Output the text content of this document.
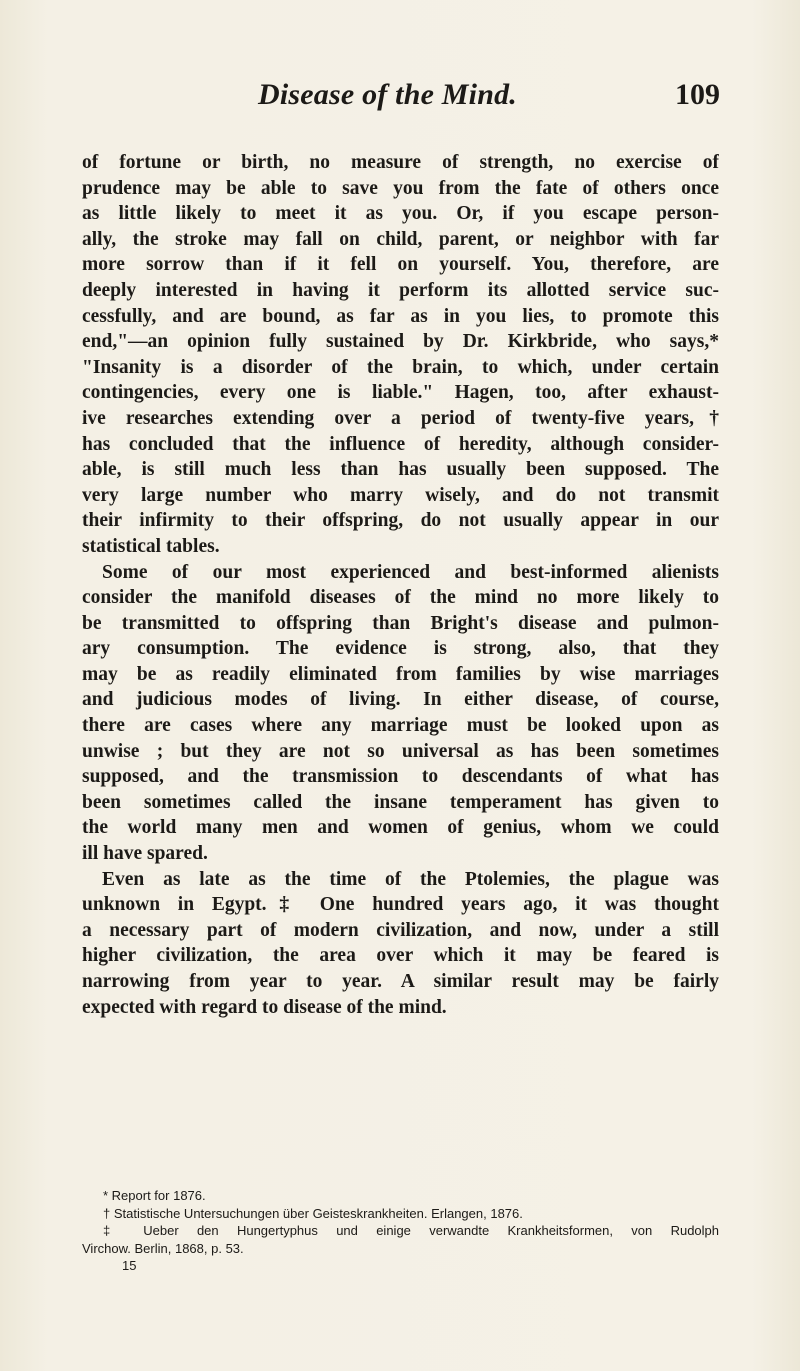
Disease of the Mind.	109
of fortune or birth, no measure of strength, no exercise of
prudence may be able to save you from the fate of others once
as little likely to meet it as you. Or, if you escape person-
ally, the stroke may fall on child, parent, or neighbor with far
more sorrow than if it fell on yourself. You, therefore, are
deeply interested in having it perform its allotted service suc-
cessfully, and are bound, as far as in you lies, to promote this
end,"—an opinion fully sustained by Dr. Kirkbride, who says,*
"Insanity is a disorder of the brain, to which, under certain
contingencies, every one is liable." Hagen, too, after exhaust-
ive researches extending over a period of twenty-five years,†
has concluded that the influence of heredity, although consider-
able, is still much less than has usually been supposed. The
very large number who marry wisely, and do not transmit
their infirmity to their offspring, do not usually appear in our
statistical tables.
Some of our most experienced and best-informed alienists
consider the manifold diseases of the mind no more likely to
be transmitted to offspring than Bright's disease and pulmon-
ary consumption. The evidence is strong, also, that they
may be as readily eliminated from families by wise marriages
and judicious modes of living. In either disease, of course,
there are cases where any marriage must be looked upon as
unwise ; but they are not so universal as has been sometimes
supposed, and the transmission to descendants of what has
been sometimes called the insane temperament has given to
the world many men and women of genius, whom we could
ill have spared.
Even as late as the time of the Ptolemies, the plague was
unknown in Egypt.‡ One hundred years ago, it was thought
a necessary part of modern civilization, and now, under a still
higher civilization, the area over which it may be feared is
narrowing from year to year. A similar result may be fairly
expected with regard to disease of the mind.
* Report for 1876.
† Statistische Untersuchungen über Geisteskrankheiten. Erlangen, 1876.
‡ Ueber den Hungertyphus und einige verwandte Krankheitsformen, von Rudolph
Virchow. Berlin, 1868, p. 53.
15
